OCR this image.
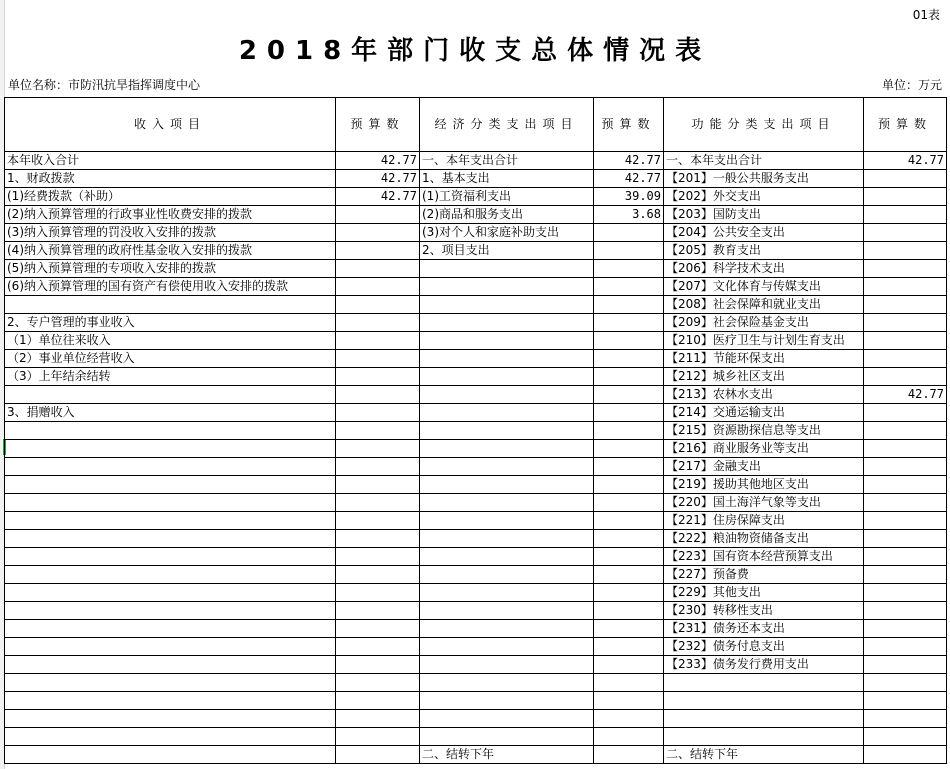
01表
2018年部门收支总体情况表
单位名称：市防汛抗旱指挥调度中心	单位：万元
收入项目	预算数	经济分类支出项目	预算数	功能分类支出项目	预算数
本年收入合计	42.77	一、本年支出合计	42.77	一、本年支出合计	42.77
1、财政拨款	42.77	1、基本支出	42.77	【201】一般公共服务支出	
(1)经费拨款（补助）	42.77	(1)工资福利支出	39.09	【202】外交支出	
(2)纳入预算管理的行政事业性收费安排的拨款		(2)商品和服务支出	3.68	【203】国防支出	
(3)纳入预算管理的罚没收入安排的拨款		(3)对个人和家庭补助支出		【204】公共安全支出	
(4)纳入预算管理的政府性基金收入安排的拨款		2、项目支出		【205】教育支出	
(5)纳入预算管理的专项收入安排的拨款				【206】科学技术支出	
(6)纳入预算管理的国有资产有偿使用收入安排的拨款				【207】文化体育与传媒支出	
				【208】社会保障和就业支出	
2、专户管理的事业收入				【209】社会保险基金支出	
（1）单位往来收入				【210】医疗卫生与计划生育支出	
（2）事业单位经营收入				【211】节能环保支出	
（3）上年结余结转				【212】城乡社区支出	
				【213】农林水支出	42.77
3、捐赠收入				【214】交通运输支出	
				【215】资源勘探信息等支出	
				【216】商业服务业等支出	
				【217】金融支出	
				【219】援助其他地区支出	
				【220】国土海洋气象等支出	
				【221】住房保障支出	
				【222】粮油物资储备支出	
				【223】国有资本经营预算支出	
				【227】预备费	
				【229】其他支出	
				【230】转移性支出	
				【231】债务还本支出	
				【232】债务付息支出	
				【233】债务发行费用支出	

		二、结转下年		二、结转下年	
